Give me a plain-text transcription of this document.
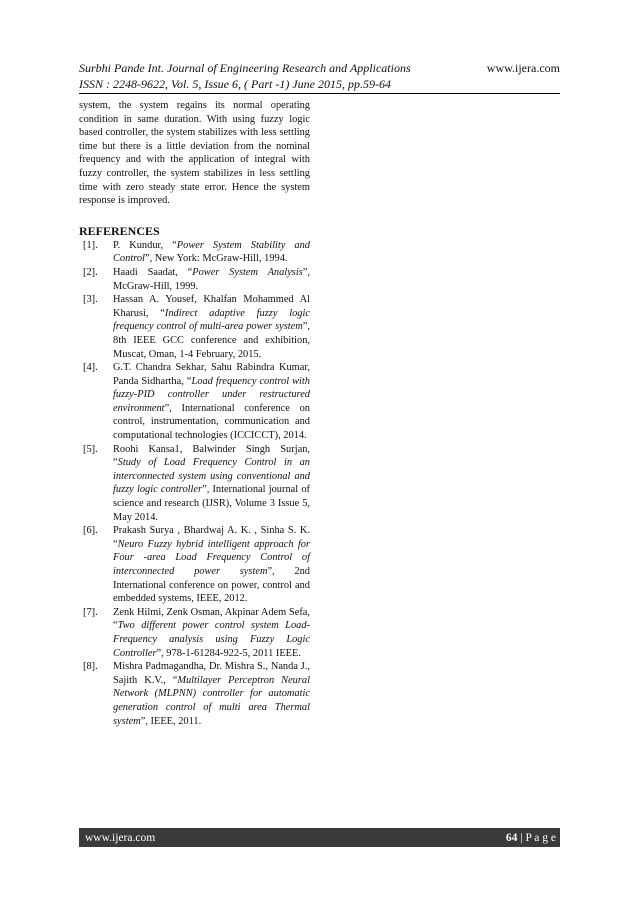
Surbhi Pande Int. Journal of Engineering Research and Applications	www.ijera.com
ISSN : 2248-9622, Vol. 5, Issue 6, ( Part -1) June 2015, pp.59-64

system, the system regains its normal operating condition in same duration. With using fuzzy logic based controller, the system stabilizes with less settling time but there is a little deviation from the nominal frequency and with the application of integral with fuzzy controller, the system stabilizes in less settling time with zero steady state error. Hence the system response is improved.

REFERENCES
[1].	P. Kundur, “Power System Stability and Control”, New York: McGraw-Hill, 1994.
[2].	Haadi Saadat, “Power System Analysis”, McGraw-Hill, 1999.
[3].	Hassan A. Yousef, Khalfan Mohammed Al Kharusi, “Indirect adaptive fuzzy logic frequency control of multi-area power system”, 8th IEEE GCC conference and exhibition, Muscat, Oman, 1-4 February, 2015.
[4].	G.T. Chandra Sekhar, Sahu Rabindra Kumar, Panda Sidhartha, “Load frequency control with fuzzy-PID controller under restructured environment”, International conference on control, instrumentation, communication and computational technologies (ICCICCT), 2014.
[5].	Roohi Kansa1, Balwinder Singh Surjan, “Study of Load Frequency Control in an interconnected system using conventional and fuzzy logic controller”, International journal of science and research (IJSR), Volume 3 Issue 5, May 2014.
[6].	Prakash Surya , Bhardwaj A. K. , Sinha S. K. “Neuro Fuzzy hybrid intelligent approach for Four -area Load Frequency Control of interconnected power system”, 2nd International conference on power, control and embedded systems, IEEE, 2012.
[7].	Zenk Hilmi, Zenk Osman, Akpinar Adem Sefa, “Two different power control system Load-Frequency analysis using Fuzzy Logic Controller”, 978-1-61284-922-5, 2011 IEEE.
[8].	Mishra Padmagandha, Dr. Mishra S., Nanda J., Sajith K.V., “Multilayer Perceptron Neural Network (MLPNN) controller for automatic generation control of multi area Thermal system”, IEEE, 2011.
www.ijera.com	64 | P a g e
